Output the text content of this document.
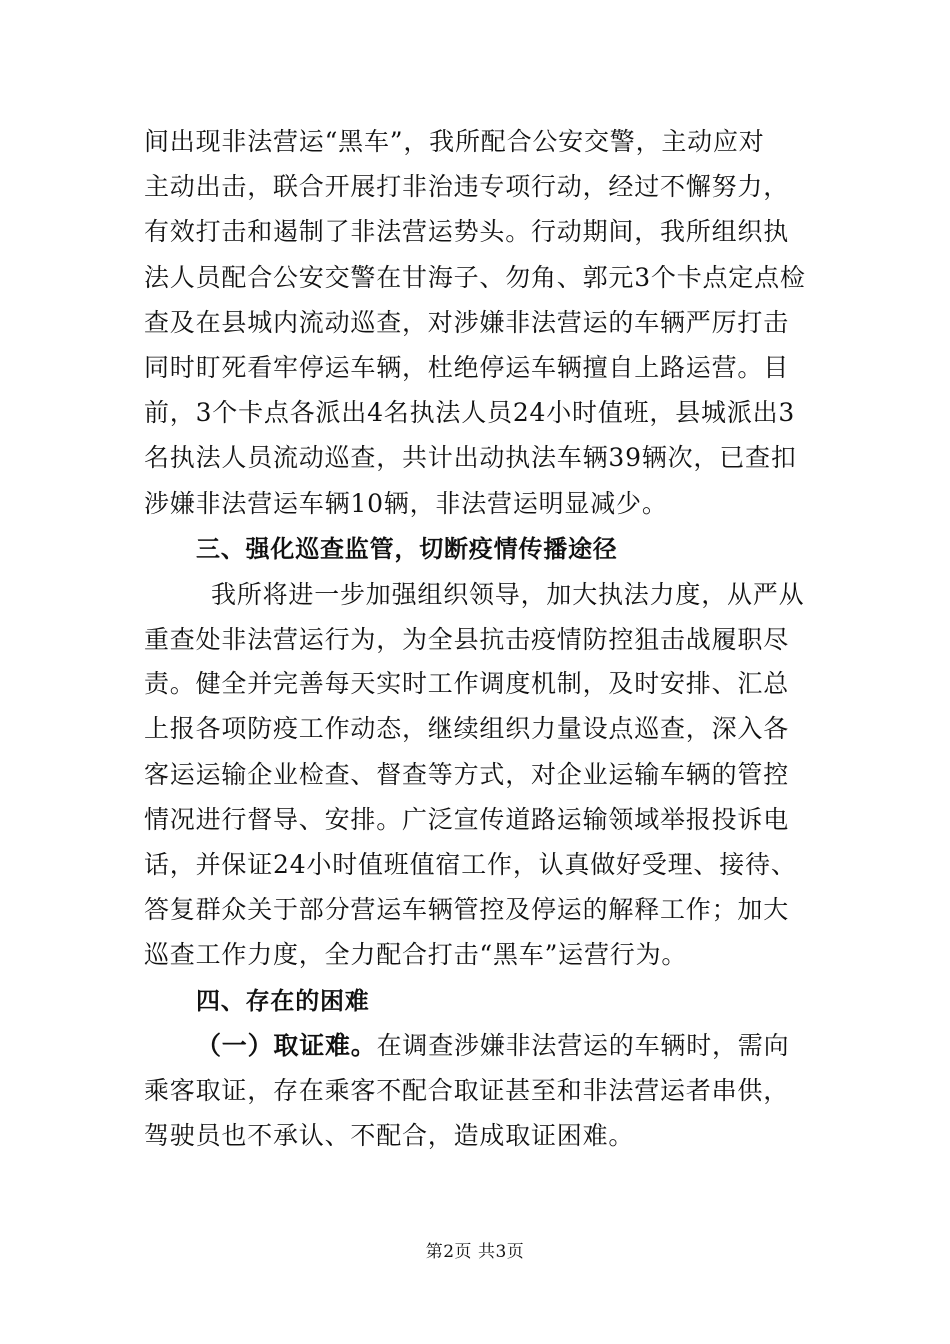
间出现非法营运“黑车”，我所配合公安交警，主动应对
主动出击，联合开展打非治违专项行动，经过不懈努力，
有效打击和遏制了非法营运势头。行动期间，我所组织执
法人员配合公安交警在甘海子、勿角、郭元3个卡点定点检
查及在县城内流动巡查，对涉嫌非法营运的车辆严厉打击
同时盯死看牢停运车辆，杜绝停运车辆擅自上路运营。目
前，3个卡点各派出4名执法人员24小时值班，县城派出3
名执法人员流动巡查，共计出动执法车辆39辆次，已查扣
涉嫌非法营运车辆10辆，非法营运明显减少。
三、强化巡查监管，切断疫情传播途径
我所将进一步加强组织领导，加大执法力度，从严从
重查处非法营运行为，为全县抗击疫情防控狙击战履职尽
责。健全并完善每天实时工作调度机制，及时安排、汇总
上报各项防疫工作动态，继续组织力量设点巡查，深入各
客运运输企业检查、督查等方式，对企业运输车辆的管控
情况进行督导、安排。广泛宣传道路运输领域举报投诉电
话，并保证24小时值班值宿工作，认真做好受理、接待、
答复群众关于部分营运车辆管控及停运的解释工作；加大
巡查工作力度，全力配合打击“黑车”运营行为。
四、存在的困难
（一）取证难。在调查涉嫌非法营运的车辆时，需向
乘客取证，存在乘客不配合取证甚至和非法营运者串供，
驾驶员也不承认、不配合，造成取证困难。
第2页 共3页
